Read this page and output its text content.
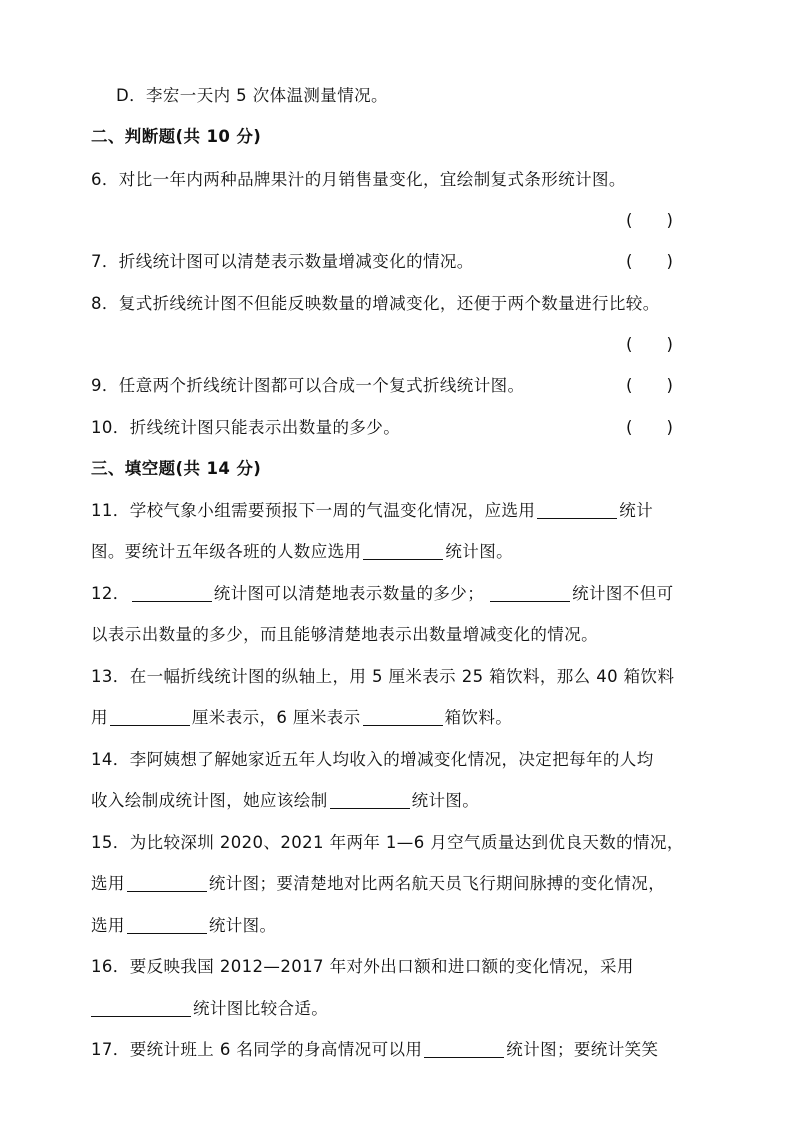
D．李宏一天内 5 次体温测量情况。
二、判断题(共 10 分)
6．对比一年内两种品牌果汁的月销售量变化，宜绘制复式条形统计图。
( )
7．折线统计图可以清楚表示数量增减变化的情况。	( )
8．复式折线统计图不但能反映数量的增减变化，还便于两个数量进行比较。
( )
9．任意两个折线统计图都可以合成一个复式折线统计图。	( )
10．折线统计图只能表示出数量的多少。	( )
三、填空题(共 14 分)
11．学校气象小组需要预报下一周的气温变化情况，应选用	统计
图。要统计五年级各班的人数应选用	统计图。
12．	统计图可以清楚地表示数量的多少；	统计图不但可
以表示出数量的多少，而且能够清楚地表示出数量增减变化的情况。
13．在一幅折线统计图的纵轴上，用 5 厘米表示 25 箱饮料，那么 40 箱饮料
用	厘米表示，6 厘米表示	箱饮料。
14．李阿姨想了解她家近五年人均收入的增减变化情况，决定把每年的人均
收入绘制成统计图，她应该绘制	统计图。
15．为比较深圳 2020、2021 年两年 1—6 月空气质量达到优良天数的情况，
选用	统计图；要清楚地对比两名航天员飞行期间脉搏的变化情况，
选用	统计图。
16．要反映我国 2012—2017 年对外出口额和进口额的变化情况，采用
统计图比较合适。
17．要统计班上 6 名同学的身高情况可以用	统计图；要统计笑笑
